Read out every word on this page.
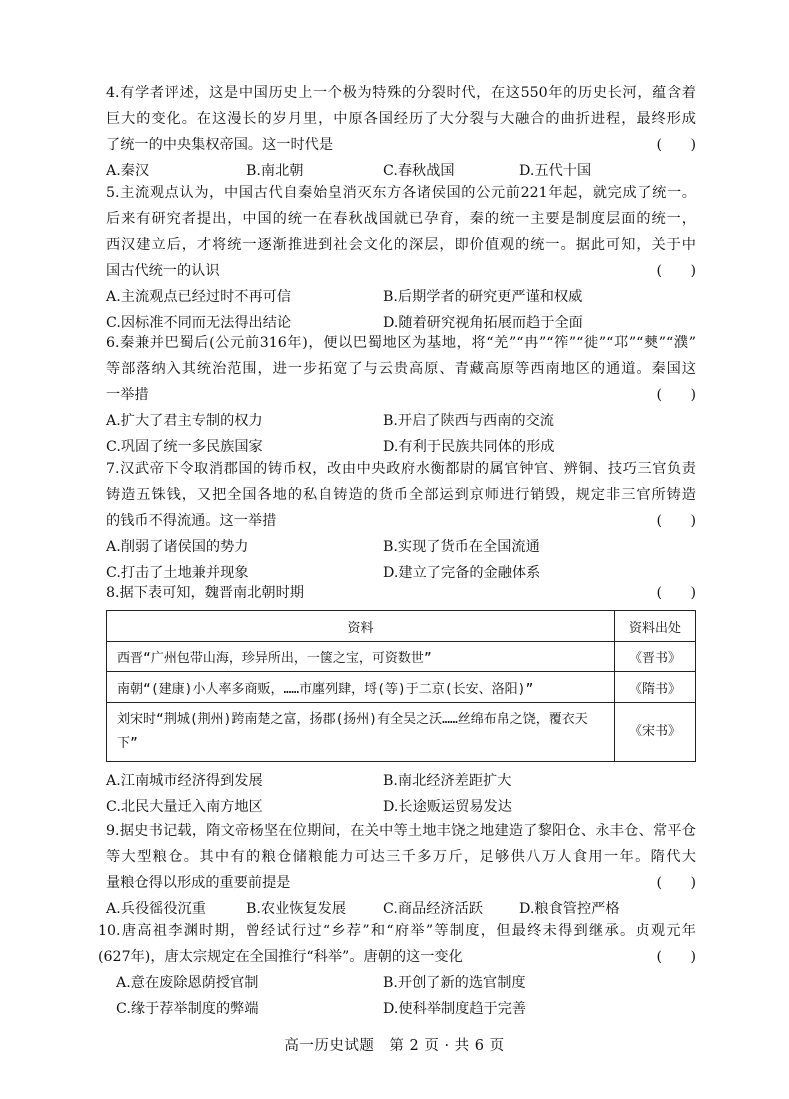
4.有学者评述，这是中国历史上一个极为特殊的分裂时代，在这550年的历史长河，蕴含着
巨大的变化。在这漫长的岁月里，中原各国经历了大分裂与大融合的曲折进程，最终形成
了统一的中央集权帝国。这一时代是	(　　)
A.秦汉	B.南北朝	C.春秋战国	D.五代十国
5.主流观点认为，中国古代自秦始皇消灭东方各诸侯国的公元前221年起，就完成了统一。
后来有研究者提出，中国的统一在春秋战国就已孕育，秦的统一主要是制度层面的统一，
西汉建立后，才将统一逐渐推进到社会文化的深层，即价值观的统一。据此可知，关于中
国古代统一的认识	(　　)
A.主流观点已经过时不再可信	B.后期学者的研究更严谨和权威
C.因标准不同而无法得出结论	D.随着研究视角拓展而趋于全面
6.秦兼并巴蜀后(公元前316年)，便以巴蜀地区为基地，将“羌”“冉”“筰”“徙”“邛”“僰”“濮”
等部落纳入其统治范围，进一步拓宽了与云贵高原、青藏高原等西南地区的通道。秦国这
一举措	(　　)
A.扩大了君主专制的权力	B.开启了陕西与西南的交流
C.巩固了统一多民族国家	D.有利于民族共同体的形成
7.汉武帝下令取消郡国的铸币权，改由中央政府水衡都尉的属官钟官、辨铜、技巧三官负责
铸造五铢钱，又把全国各地的私自铸造的货币全部运到京师进行销毁，规定非三官所铸造
的钱币不得流通。这一举措	(　　)
A.削弱了诸侯国的势力	B.实现了货币在全国流通
C.打击了土地兼并现象	D.建立了完备的金融体系
8.据下表可知，魏晋南北朝时期	(　　)
资料	资料出处
西晋“广州包带山海，珍异所出，一箧之宝，可资数世”	《晋书》
南朝“(建康)小人率多商贩，……市廛列肆，埒(等)于二京(长安、洛阳)”	《隋书》
刘宋时“荆城(荆州)跨南楚之富，扬郡(扬州)有全吴之沃……丝绵布帛之饶，覆衣天下”	《宋书》
A.江南城市经济得到发展	B.南北经济差距扩大
C.北民大量迁入南方地区	D.长途贩运贸易发达
9.据史书记载，隋文帝杨坚在位期间，在关中等土地丰饶之地建造了黎阳仓、永丰仓、常平仓
等大型粮仓。其中有的粮仓储粮能力可达三千多万斤，足够供八万人食用一年。隋代大
量粮仓得以形成的重要前提是	(　　)
A.兵役徭役沉重	B.农业恢复发展	C.商品经济活跃	D.粮食管控严格
10.唐高祖李渊时期，曾经试行过“乡荐”和“府举”等制度，但最终未得到继承。贞观元年
(627年)，唐太宗规定在全国推行“科举”。唐朝的这一变化	(　　)
A.意在废除恩荫授官制	B.开创了新的选官制度
C.缘于荐举制度的弊端	D.使科举制度趋于完善
高一历史试题　第 2 页 · 共 6 页
